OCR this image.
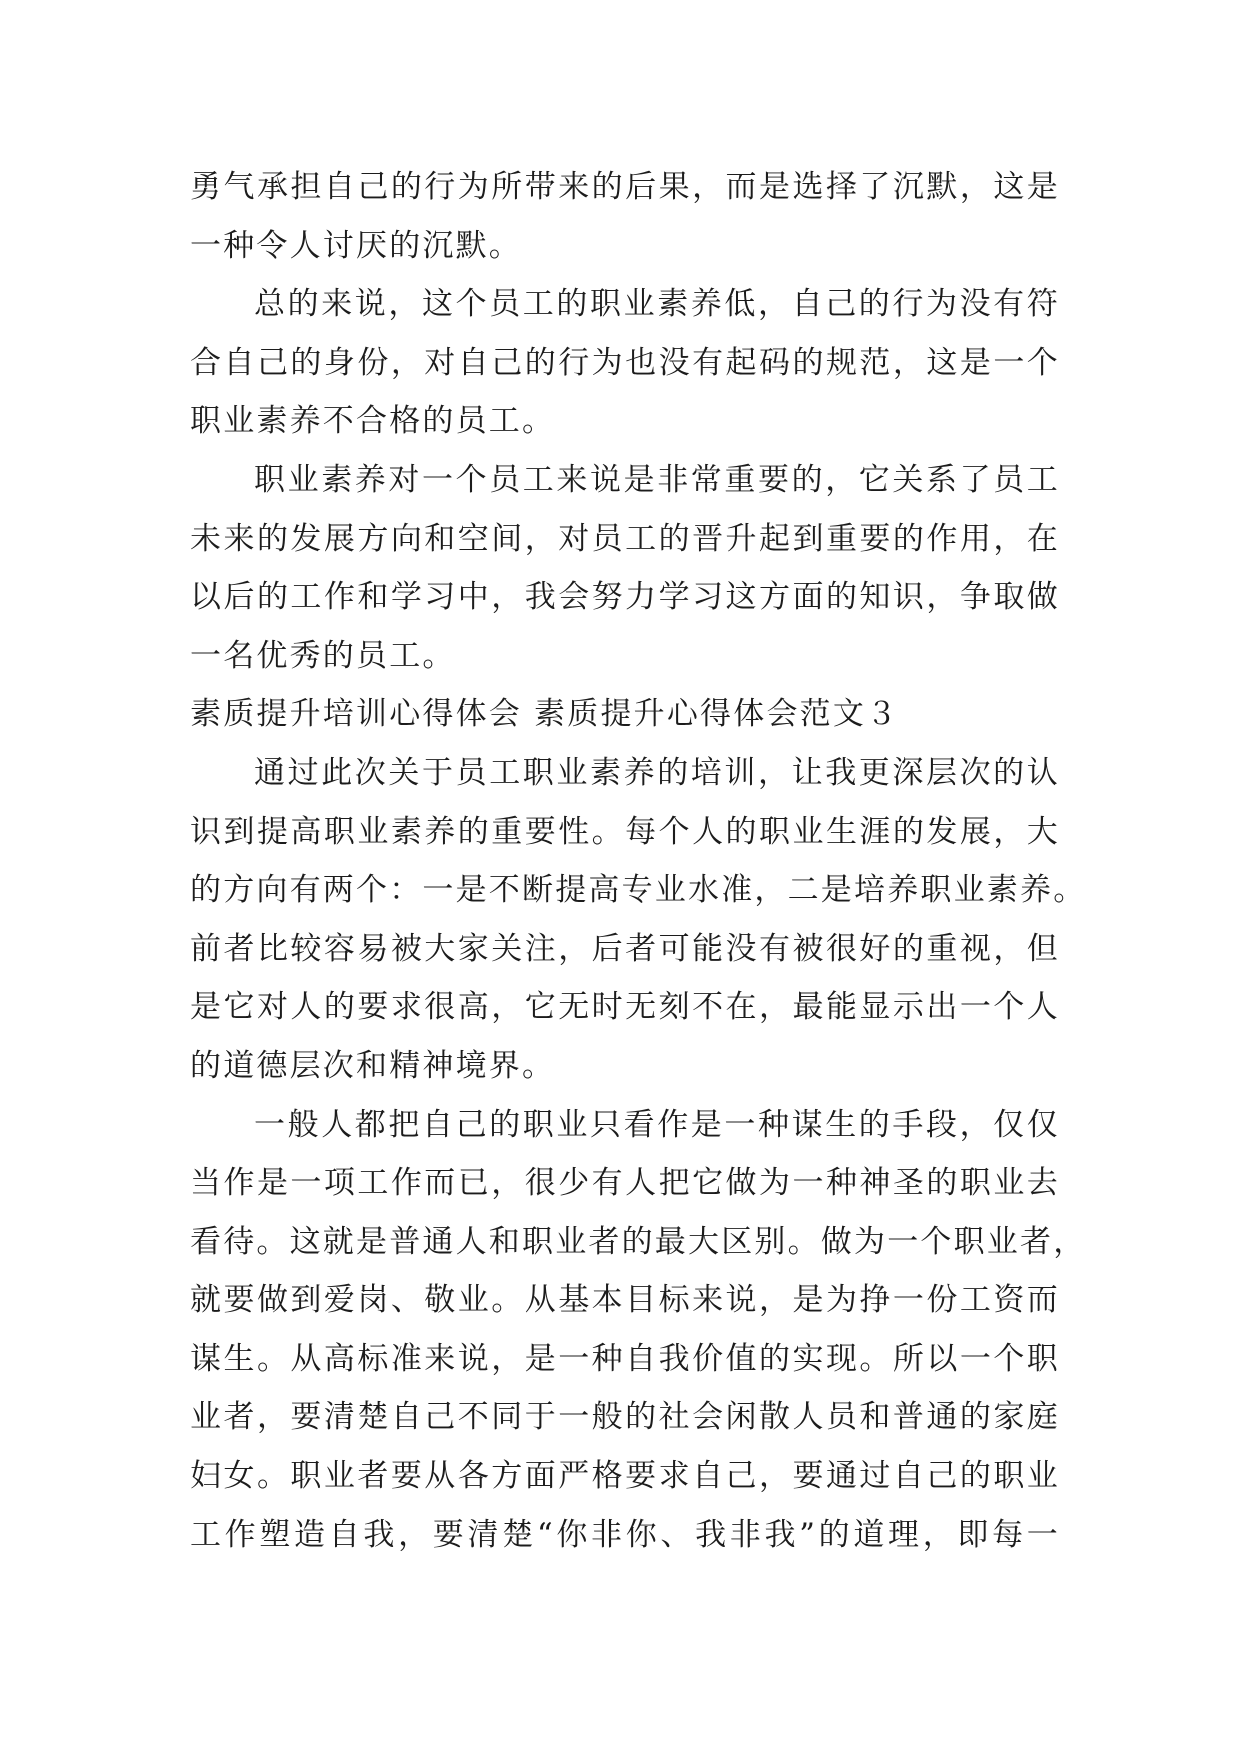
勇气承担自己的行为所带来的后果，而是选择了沉默，这是
一种令人讨厌的沉默。

总的来说，这个员工的职业素养低，自己的行为没有符
合自己的身份，对自己的行为也没有起码的规范，这是一个
职业素养不合格的员工。

职业素养对一个员工来说是非常重要的，它关系了员工
未来的发展方向和空间，对员工的晋升起到重要的作用，在
以后的工作和学习中，我会努力学习这方面的知识，争取做
一名优秀的员工。

素质提升培训心得体会 素质提升心得体会范文３

通过此次关于员工职业素养的培训，让我更深层次的认
识到提高职业素养的重要性。每个人的职业生涯的发展，大
的方向有两个：一是不断提高专业水准，二是培养职业素养。
前者比较容易被大家关注，后者可能没有被很好的重视，但
是它对人的要求很高，它无时无刻不在，最能显示出一个人
的道德层次和精神境界。

一般人都把自己的职业只看作是一种谋生的手段，仅仅
当作是一项工作而已，很少有人把它做为一种神圣的职业去
看待。这就是普通人和职业者的最大区别。做为一个职业者，
就要做到爱岗、敬业。从基本目标来说，是为挣一份工资而
谋生。从高标准来说，是一种自我价值的实现。所以一个职
业者，要清楚自己不同于一般的社会闲散人员和普通的家庭
妇女。职业者要从各方面严格要求自己，要通过自己的职业
工作塑造自我，要清楚“你非你、我非我”的道理，即每一
